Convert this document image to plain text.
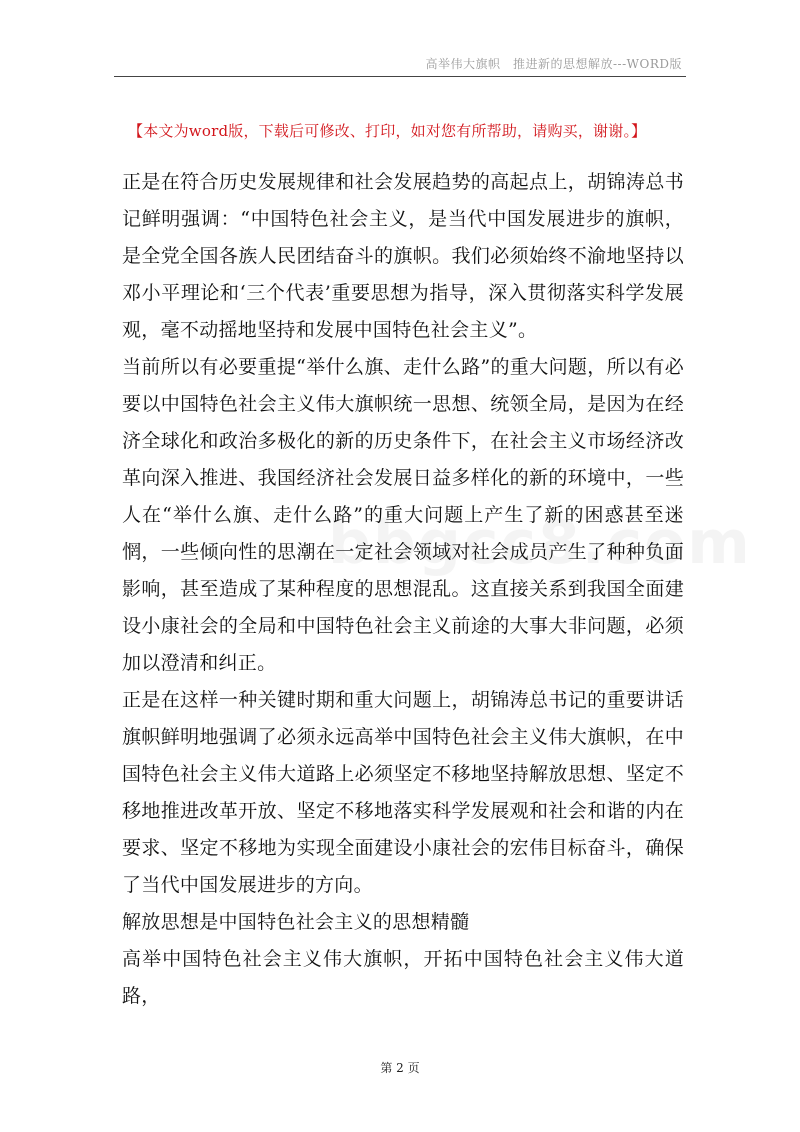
高举伟大旗帜　推进新的思想解放---WORD版
【本文为word版，下载后可修改、打印，如对您有所帮助，请购买，谢谢。】

正是在符合历史发展规律和社会发展趋势的高起点上，胡锦涛总书记鲜明强调：“中国特色社会主义，是当代中国发展进步的旗帜，是全党全国各族人民团结奋斗的旗帜。我们必须始终不渝地坚持以邓小平理论和‘三个代表’重要思想为指导，深入贯彻落实科学发展观，毫不动摇地坚持和发展中国特色社会主义”。

当前所以有必要重提“举什么旗、走什么路”的重大问题，所以有必要以中国特色社会主义伟大旗帜统一思想、统领全局，是因为在经济全球化和政治多极化的新的历史条件下，在社会主义市场经济改革向深入推进、我国经济社会发展日益多样化的新的环境中，一些人在“举什么旗、走什么路”的重大问题上产生了新的困惑甚至迷惘，一些倾向性的思潮在一定社会领域对社会成员产生了种种负面影响，甚至造成了某种程度的思想混乱。这直接关系到我国全面建设小康社会的全局和中国特色社会主义前途的大事大非问题，必须加以澄清和纠正。

正是在这样一种关键时期和重大问题上，胡锦涛总书记的重要讲话旗帜鲜明地强调了必须永远高举中国特色社会主义伟大旗帜，在中国特色社会主义伟大道路上必须坚定不移地坚持解放思想、坚定不移地推进改革开放、坚定不移地落实科学发展观和社会和谐的内在要求、坚定不移地为实现全面建设小康社会的宏伟目标奋斗，确保了当代中国发展进步的方向。

解放思想是中国特色社会主义的思想精髓

高举中国特色社会主义伟大旗帜，开拓中国特色社会主义伟大道路，

第 2 页
